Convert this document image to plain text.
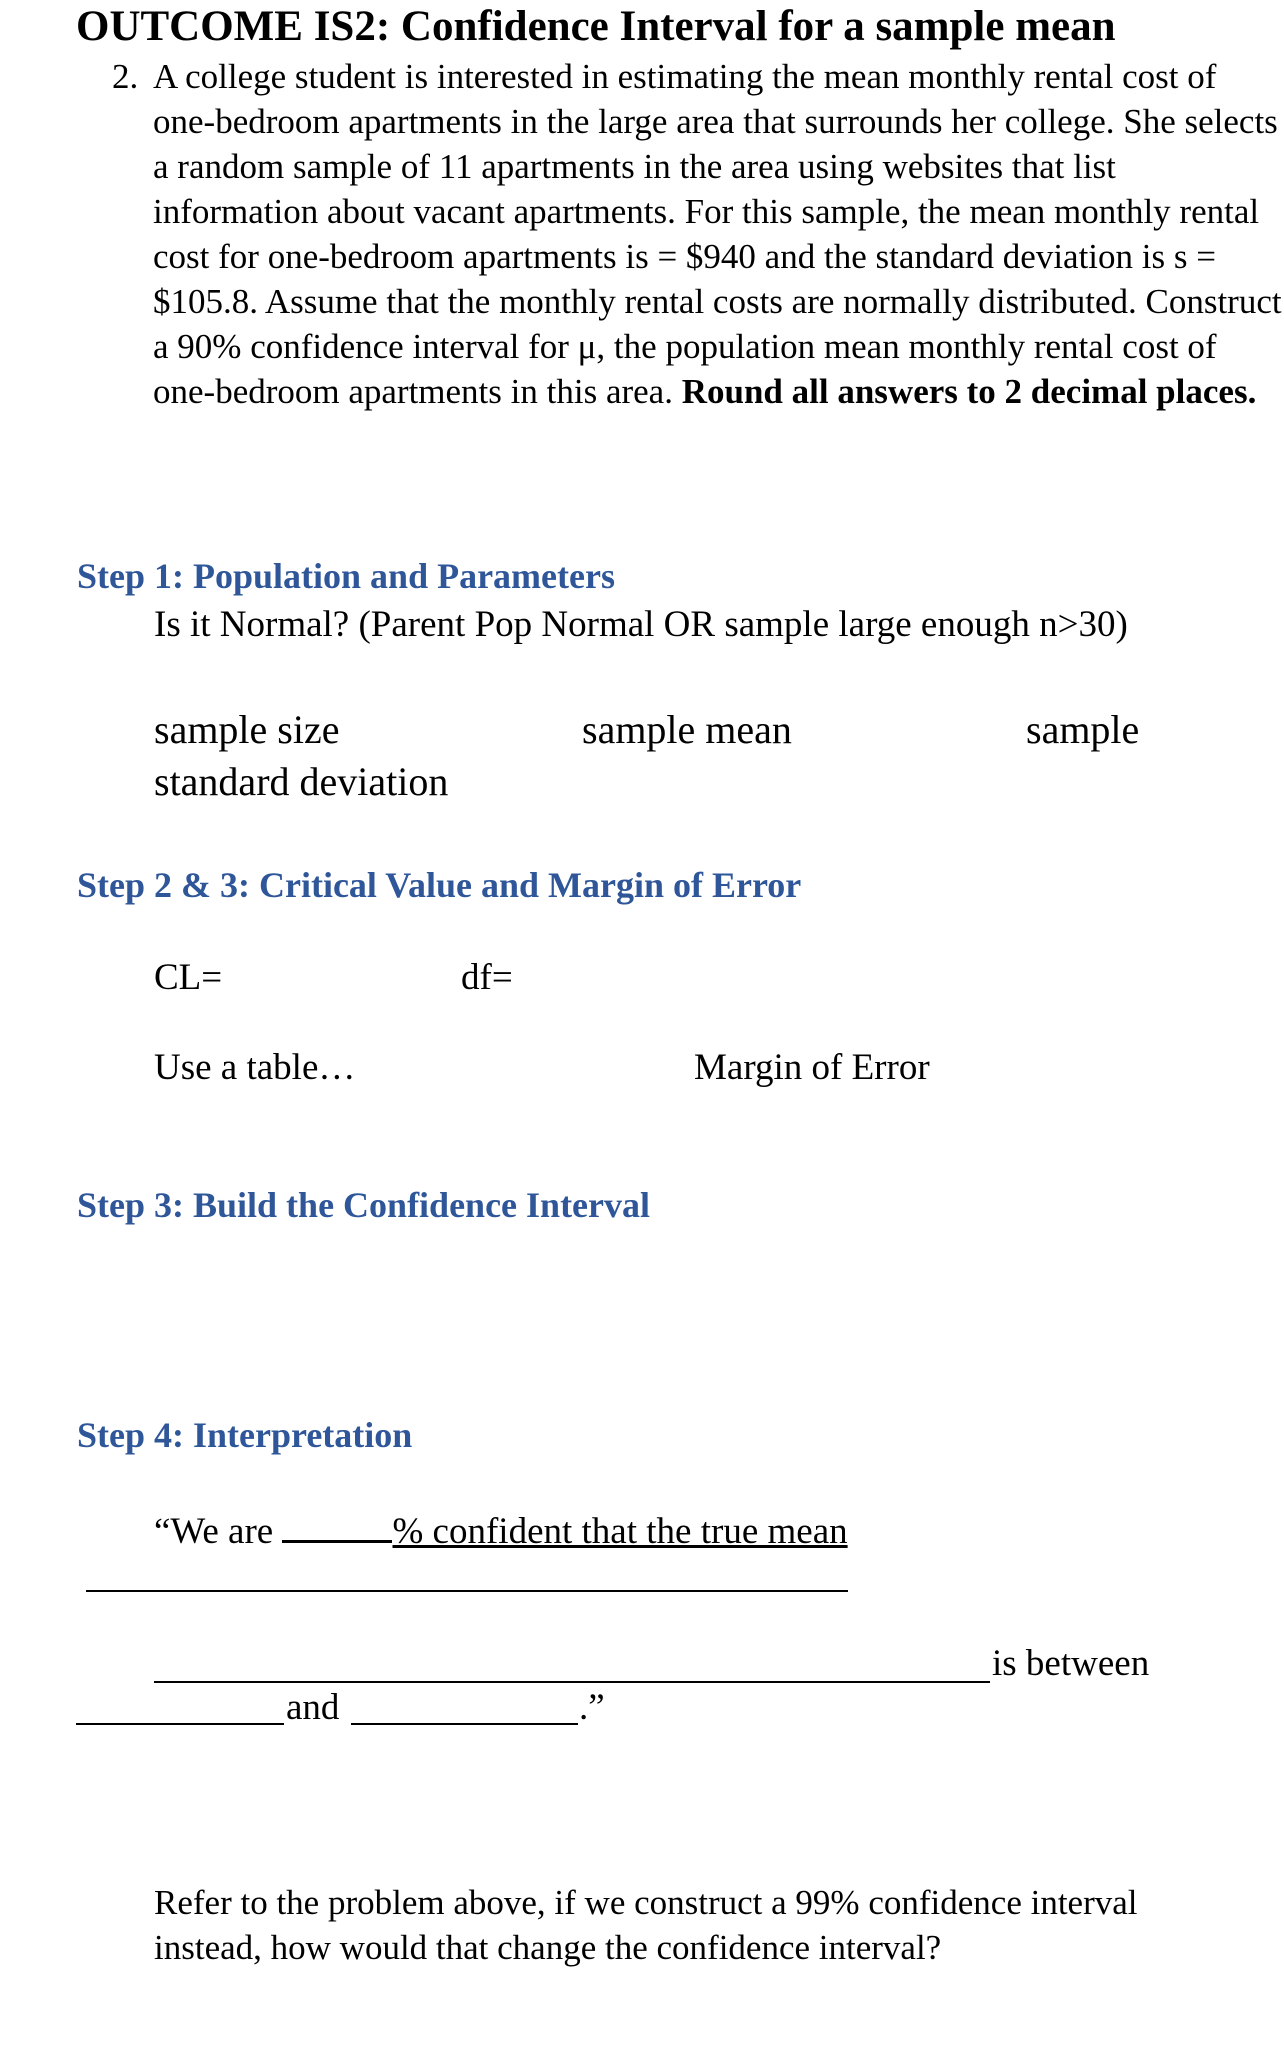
OUTCOME IS2: Confidence Interval for a sample mean
2. A college student is interested in estimating the mean monthly rental cost of one-bedroom apartments in the large area that surrounds her college. She selects a random sample of 11 apartments in the area using websites that list information about vacant apartments. For this sample, the mean monthly rental cost for one-bedroom apartments is = $940 and the standard deviation is s = $105.8. Assume that the monthly rental costs are normally distributed. Construct a 90% confidence interval for μ, the population mean monthly rental cost of one-bedroom apartments in this area. Round all answers to 2 decimal places.
Step 1: Population and Parameters
Is it Normal? (Parent Pop Normal OR sample large enough n>30)
sample size	sample mean	sample
standard deviation
Step 2 & 3: Critical Value and Margin of Error
CL=	df=
Use a table…	Margin of Error
Step 3: Build the Confidence Interval
Step 4: Interpretation
“We are	% confident that the true mean
is between
and	.”
Refer to the problem above, if we construct a 99% confidence interval instead, how would that change the confidence interval?
